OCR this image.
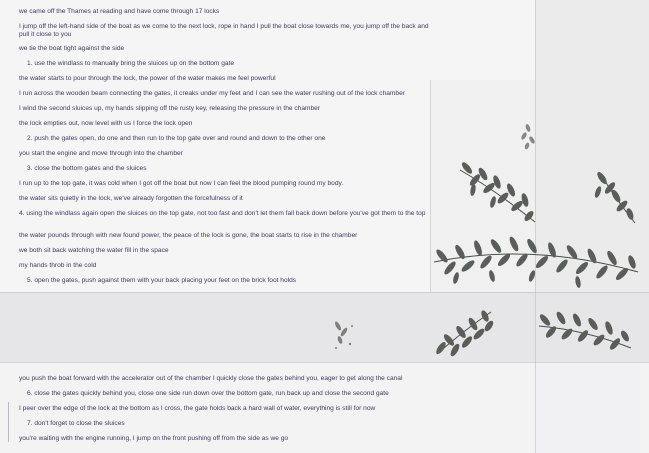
we came off the Thames at reading and have come through 17 locks
I jump off the left-hand side of the boat as we come to the next lock, rope in hand I pull the boat close towards me, you jump off the back and pull it close to you
we tie the boat tight against the side
1. use the windlass to manually bring the sluices up on the bottom gate
the water starts to pour through the lock, the power of the water makes me feel powerful
I run across the wooden beam connecting the gates, it creaks under my feet and I can see the water rushing out of the lock chamber
I wind the second sluices up, my hands slipping off the rusty key, releasing the pressure in the chamber
the lock empties out, now level with us I force the lock open
2. push the gates open, do one and then run to the top gate over and round and down to the other one
you start the engine and move through into the chamber
3. close the bottom gates and the sluices
I run up to the top gate, it was cold when I got off the boat but now I can feel the blood pumping round my body.
the water sits quietly in the lock, we've already forgotten the forcefulness of it
4. using the windlass again open the sluices on the top gate, not too fast and don't let them fall back down before you've got them to the top
the water pounds through with new found power, the peace of the lock is gone, the boat starts to rise in the chamber
we both sit back watching the water fill in the space
my hands throb in the cold
5. open the gates, push against them with your back placing your feet on the brick foot holds
you push the boat forward with the accelerator out of the chamber I quickly close the gates behind you, eager to get along the canal
6. close the gates quickly behind you, close one side run down over the bottom gate, run back up and close the second gate
I peer over the edge of the lock at the bottom as I cross, the gate holds back a hard wall of water, everything is still for now
7. don't forget to close the sluices
you're waiting with the engine running, I jump on the front pushing off from the side as we go
